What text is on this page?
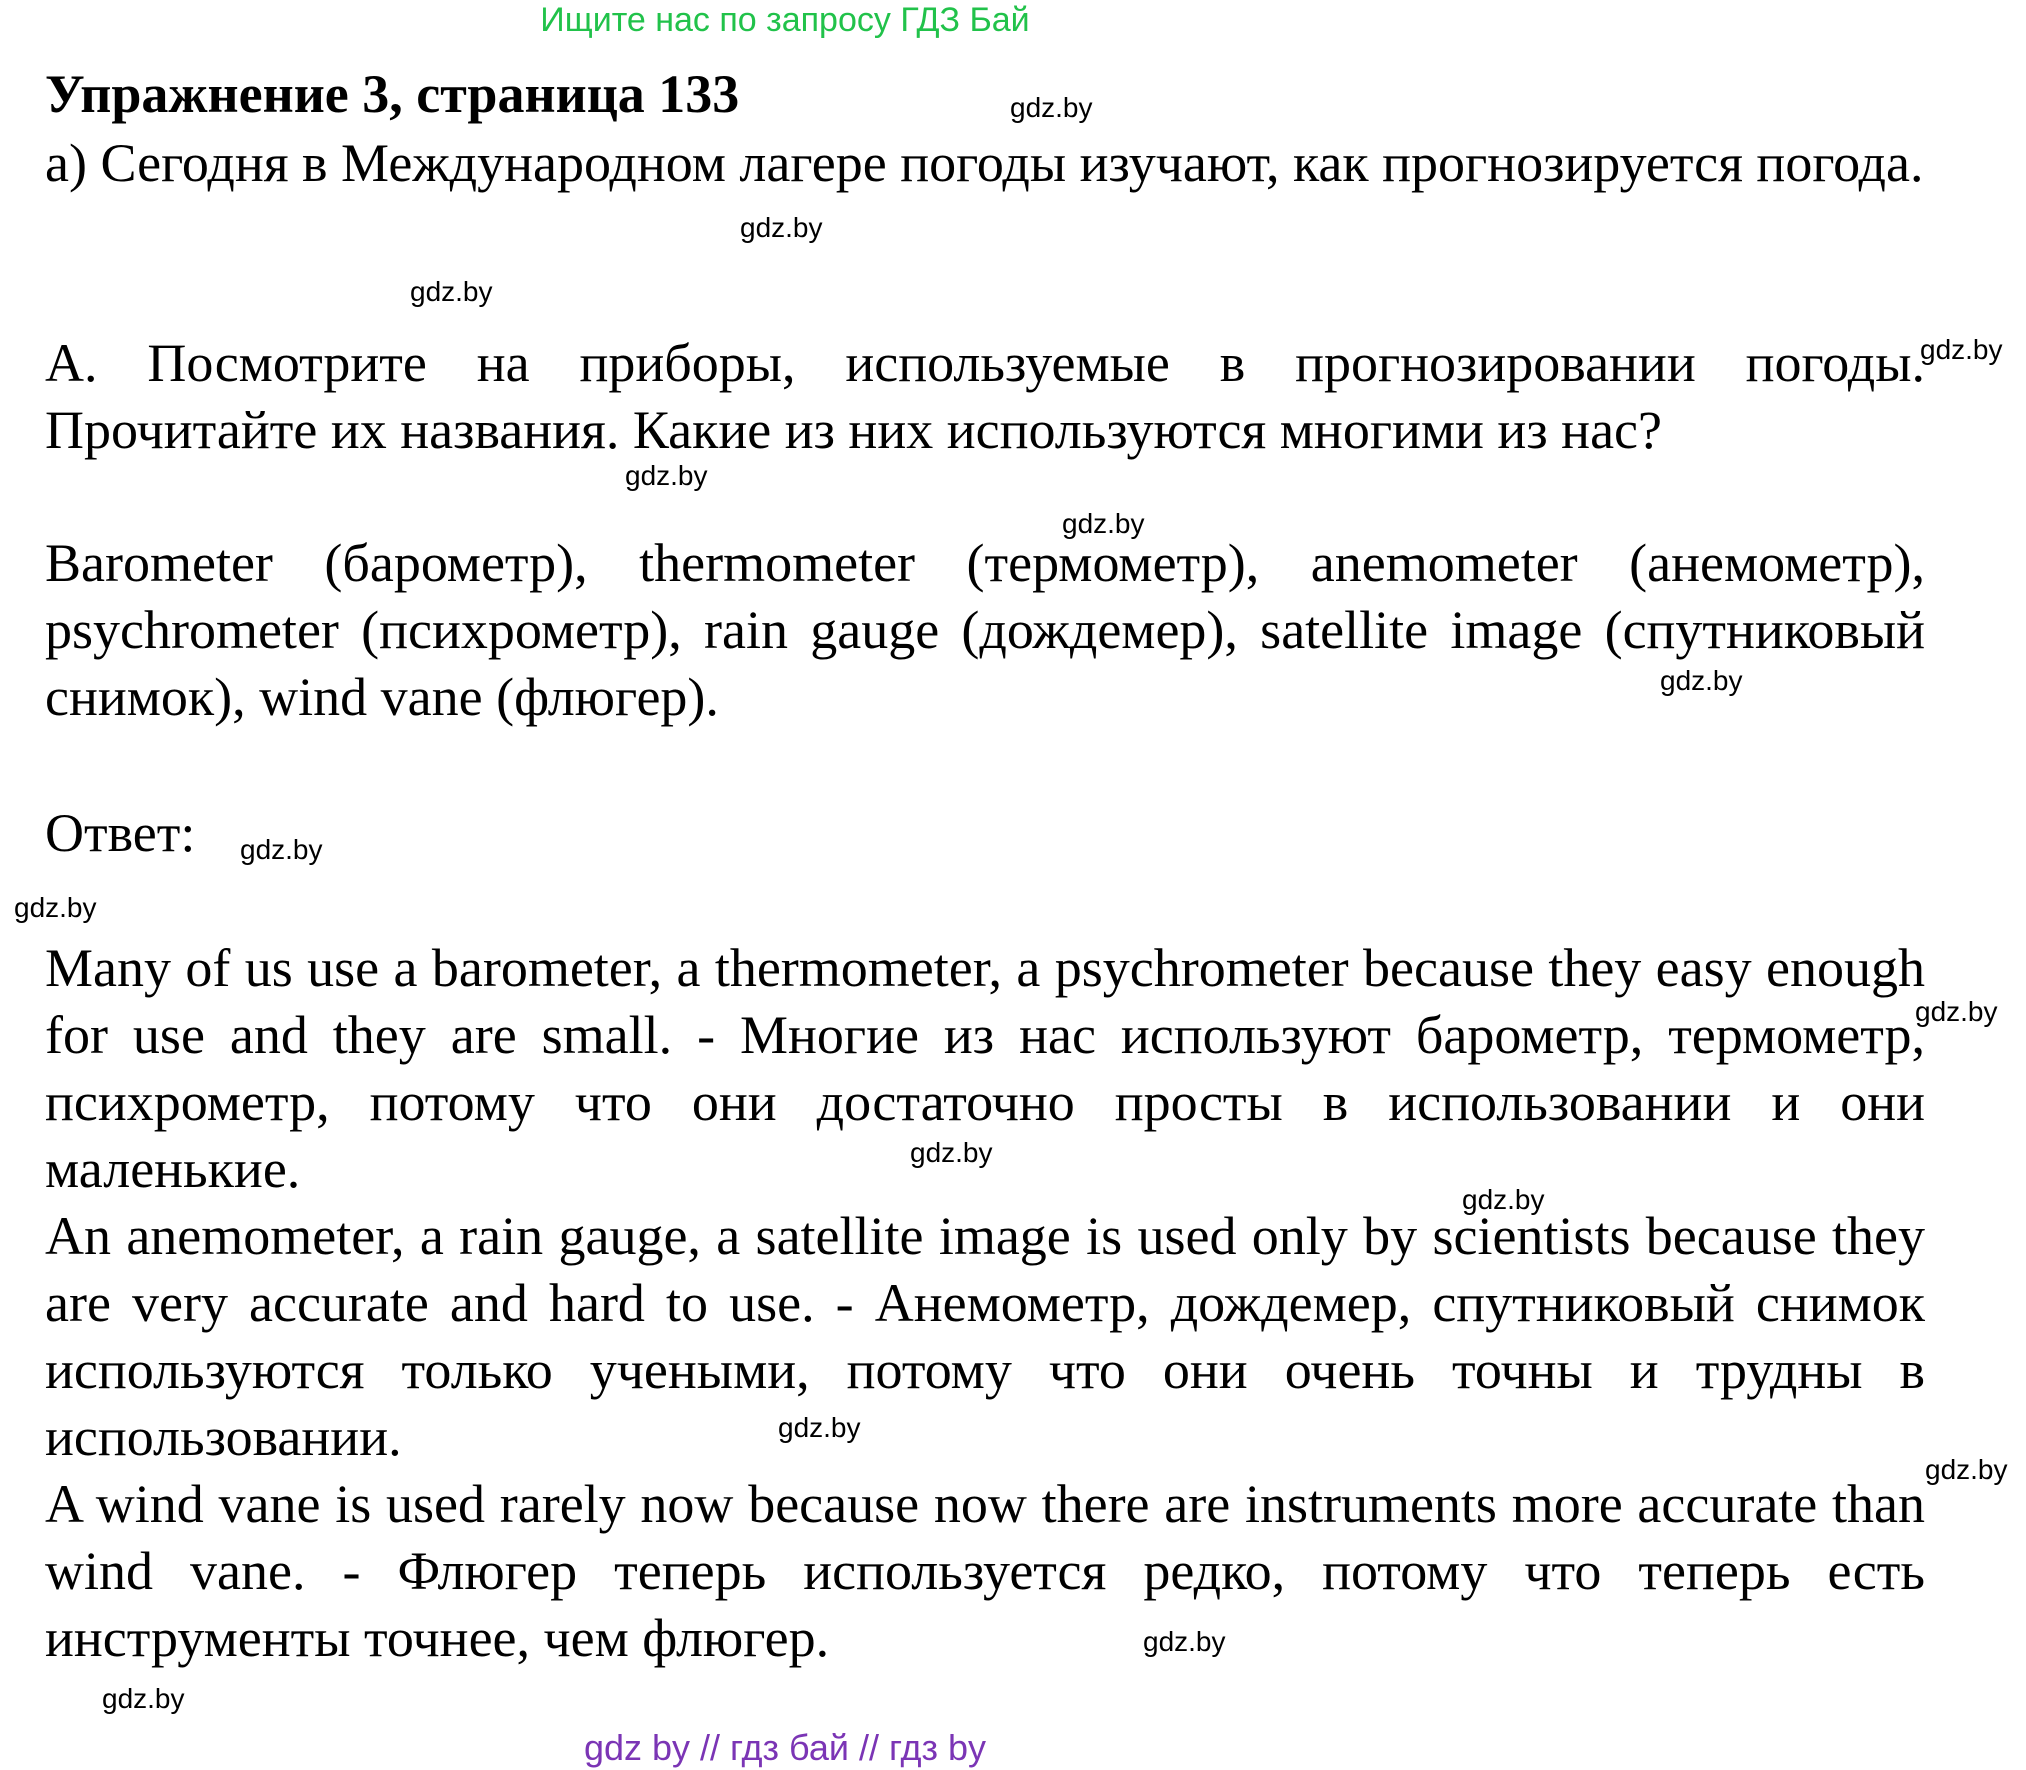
Ищите нас по запросу ГДЗ Бай
Упражнение 3, страница 133

а) Сегодня в Международном лагере погоды изучают, как прогнозируется погода.

А. Посмотрите на приборы, используемые в прогнозировании погоды. Прочитайте их названия. Какие из них используются многими из нас?

Barometer (барометр), thermometer (термометр), anemometer (анемометр), psychrometer (психрометр), rain gauge (дождемер), satellite image (спутниковый снимок), wind vane (флюгер).

Ответ:

Many of us use a barometer, a thermometer, a psychrometer because they easy enough for use and they are small. - Многие из нас используют барометр, термометр, психрометр, потому что они достаточно просты в использовании и они маленькие.

An anemometer, a rain gauge, a satellite image is used only by scientists because they are very accurate and hard to use. - Анемометр, дождемер, спутниковый снимок используются только учеными, потому что они очень точны и трудны в использовании.

A wind vane is used rarely now because now there are instruments more accurate than wind vane. - Флюгер теперь используется редко, потому что теперь есть инструменты точнее, чем флюгер.

gdz.by
gdz.by
gdz.by
gdz.by
gdz.by
gdz.by
gdz.by
gdz.by
gdz.by
gdz.by
gdz.by
gdz.by
gdz.by
gdz.by
gdz.by
gdz.by
gdz by // гдз бай // гдз by
